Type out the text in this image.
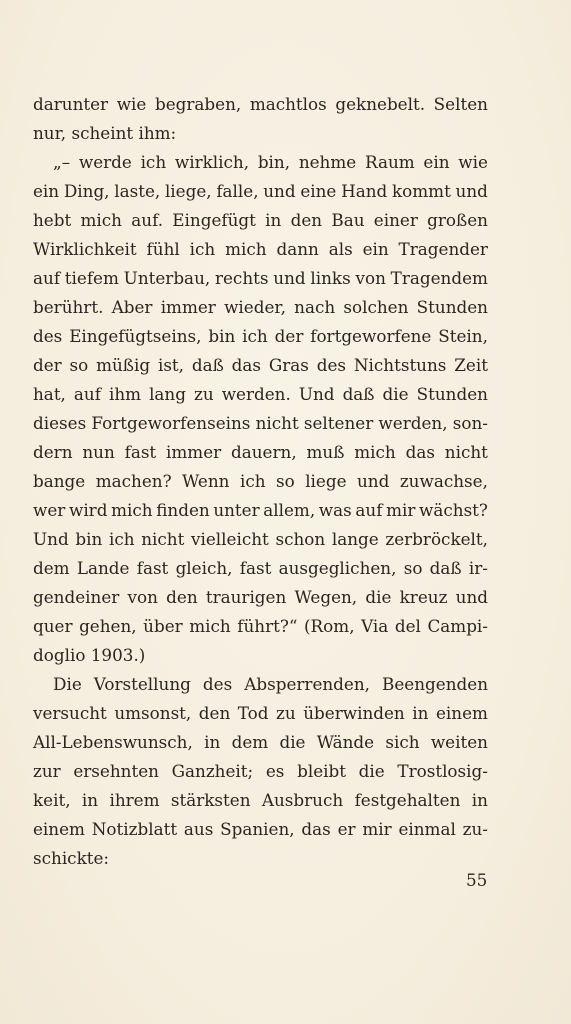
darunter wie begraben, machtlos geknebelt. Selten
nur, scheint ihm:
„– werde ich wirklich, bin, nehme Raum ein wie
ein Ding, laste, liege, falle, und eine Hand kommt und
hebt mich auf. Eingefügt in den Bau einer großen
Wirklichkeit fühl ich mich dann als ein Tragender
auf tiefem Unterbau, rechts und links von Tragendem
berührt. Aber immer wieder, nach solchen Stunden
des Eingefügtseins, bin ich der fortgeworfene Stein,
der so müßig ist, daß das Gras des Nichtstuns Zeit
hat, auf ihm lang zu werden. Und daß die Stunden
dieses Fortgeworfenseins nicht seltener werden, son-
dern nun fast immer dauern, muß mich das nicht
bange machen? Wenn ich so liege und zuwachse,
wer wird mich finden unter allem, was auf mir wächst?
Und bin ich nicht vielleicht schon lange zerbröckelt,
dem Lande fast gleich, fast ausgeglichen, so daß ir-
gendeiner von den traurigen Wegen, die kreuz und
quer gehen, über mich führt?“ (Rom, Via del Campi-
doglio 1903.)
Die Vorstellung des Absperrenden, Beengenden
versucht umsonst, den Tod zu überwinden in einem
All-Lebenswunsch, in dem die Wände sich weiten
zur ersehnten Ganzheit; es bleibt die Trostlosig-
keit, in ihrem stärksten Ausbruch festgehalten in
einem Notizblatt aus Spanien, das er mir einmal zu-
schickte:
55
